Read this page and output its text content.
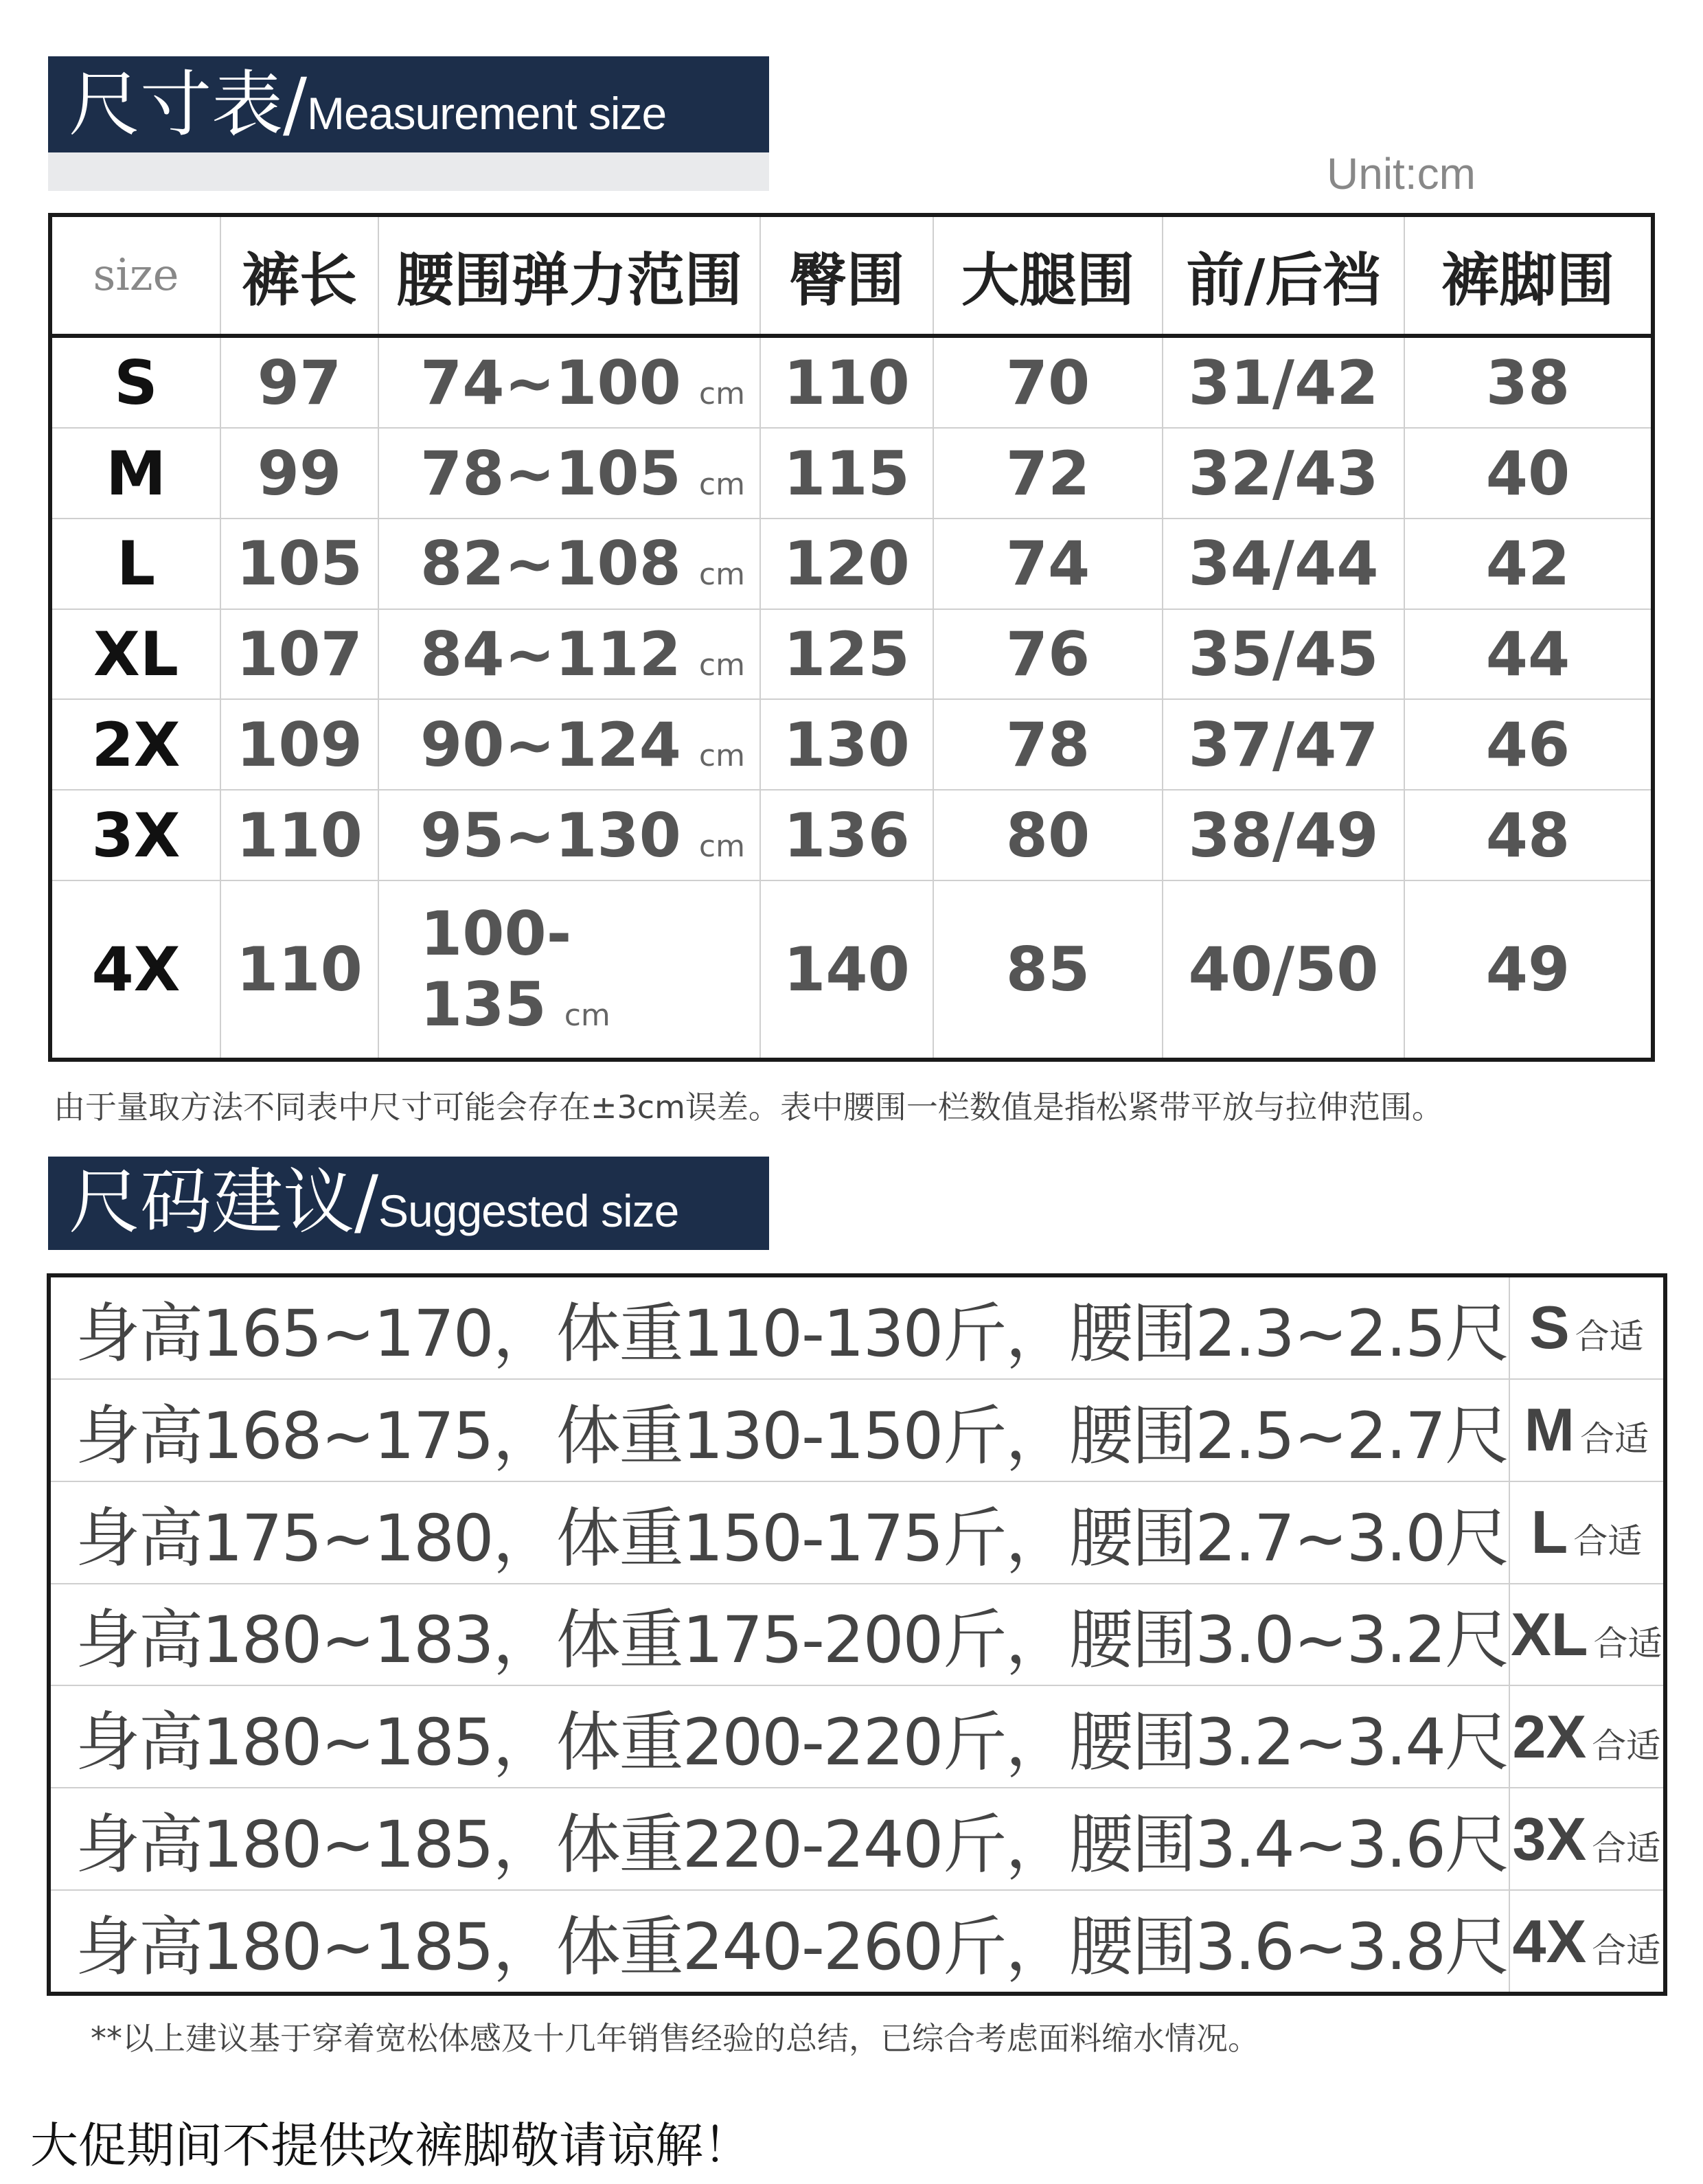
尺寸表/Measurement size
Unit:cm
size	裤长	腰围弹力范围	臀围	大腿围	前/后裆	裤脚围
S	97	74~100 cm	110	70	31/42	38
M	99	78~105 cm	115	72	32/43	40
L	105	82~108 cm	120	74	34/44	42
XL	107	84~112 cm	125	76	35/45	44
2X	109	90~124 cm	130	78	37/47	46
3X	110	95~130 cm	136	80	38/49	48
4X	110	100-135 cm	140	85	40/50	49
由于量取方法不同表中尺寸可能会存在±3cm误差。表中腰围一栏数值是指松紧带平放与拉伸范围。
尺码建议/Suggested size
身高165~170，体重110-130斤，腰围2.3~2.5尺	S 合适
身高168~175，体重130-150斤，腰围2.5~2.7尺	M 合适
身高175~180，体重150-175斤，腰围2.7~3.0尺	L 合适
身高180~183，体重175-200斤，腰围3.0~3.2尺	XL 合适
身高180~185，体重200-220斤，腰围3.2~3.4尺	2X 合适
身高180~185，体重220-240斤，腰围3.4~3.6尺	3X 合适
身高180~185，体重240-260斤，腰围3.6~3.8尺	4X 合适
**以上建议基于穿着宽松体感及十几年销售经验的总结，已综合考虑面料缩水情况。
大促期间不提供改裤脚敬请谅解！
